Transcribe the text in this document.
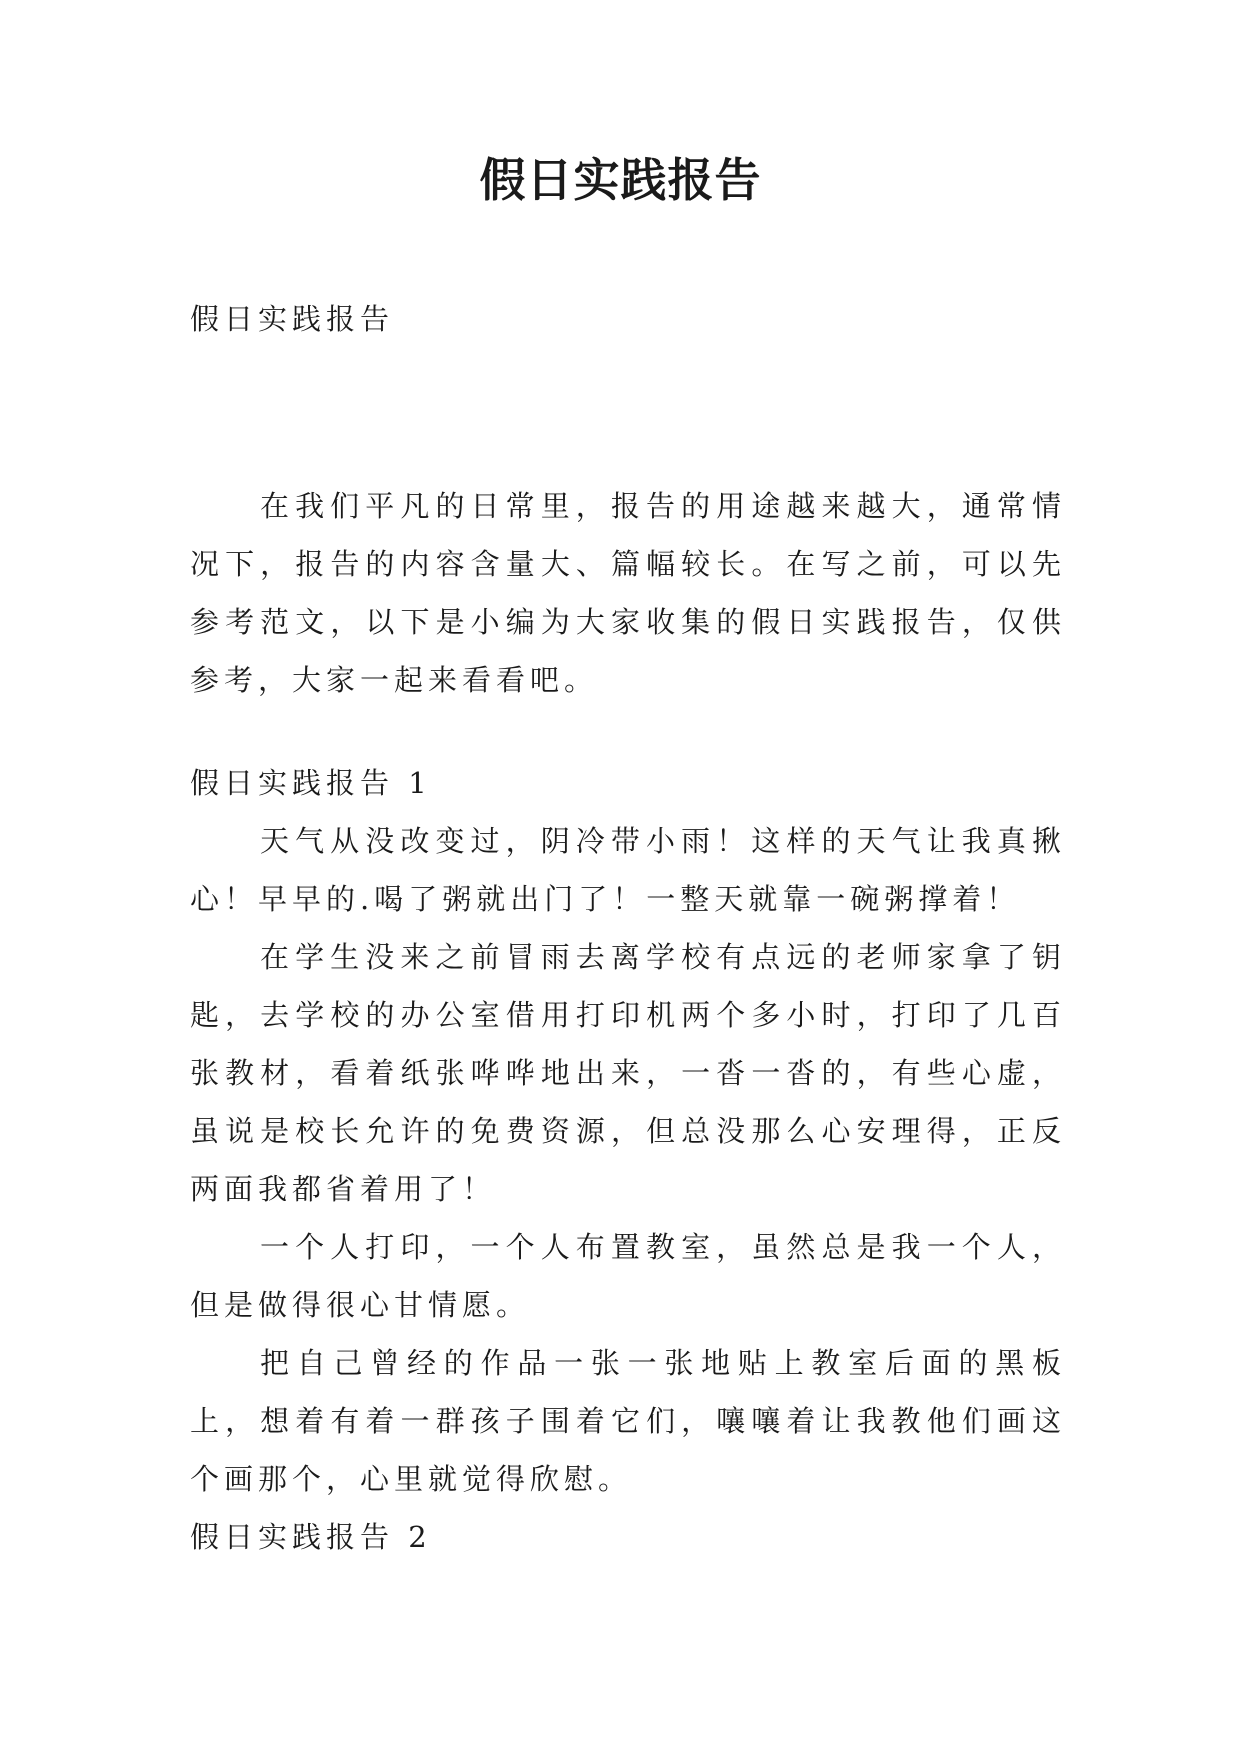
假日实践报告

假日实践报告

在我们平凡的日常里，报告的用途越来越大，通常情况下，报告的内容含量大、篇幅较长。在写之前，可以先参考范文，以下是小编为大家收集的假日实践报告，仅供参考，大家一起来看看吧。

假日实践报告 1

天气从没改变过，阴冷带小雨！这样的天气让我真揪心！早早的.喝了粥就出门了！一整天就靠一碗粥撑着！

在学生没来之前冒雨去离学校有点远的老师家拿了钥匙，去学校的办公室借用打印机两个多小时，打印了几百张教材，看着纸张哗哗地出来，一沓一沓的，有些心虚，虽说是校长允许的免费资源，但总没那么心安理得，正反两面我都省着用了！

一个人打印，一个人布置教室，虽然总是我一个人，但是做得很心甘情愿。

把自己曾经的作品一张一张地贴上教室后面的黑板上，想着有着一群孩子围着它们，嚷嚷着让我教他们画这个画那个，心里就觉得欣慰。

假日实践报告 2
